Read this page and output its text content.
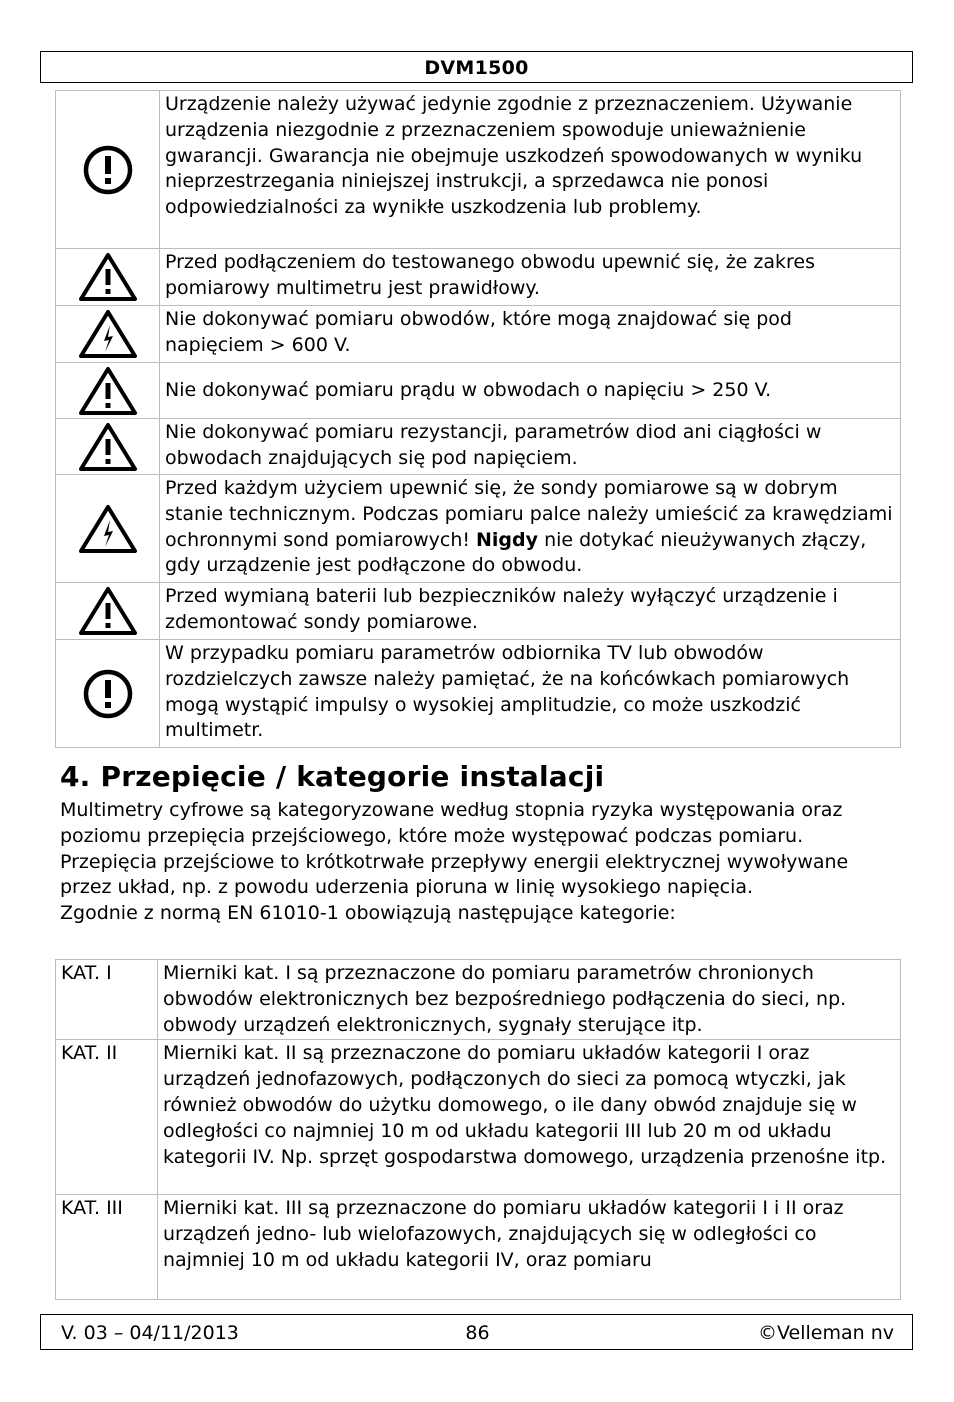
DVM1500
	Urządzenie należy używać jedynie zgodnie z przeznaczeniem. Używanie urządzenia niezgodnie z przeznaczeniem spowoduje unieważnienie gwarancji. Gwarancja nie obejmuje uszkodzeń spowodowanych w wyniku nieprzestrzegania niniejszej instrukcji, a sprzedawca nie ponosi odpowiedzialności za wynikłe uszkodzenia lub problemy.

	Przed podłączeniem do testowanego obwodu upewnić się, że zakres pomiarowy multimetru jest prawidłowy.

	Nie dokonywać pomiaru obwodów, które mogą znajdować się pod napięciem > 600 V.

	Nie dokonywać pomiaru prądu w obwodach o napięciu > 250 V.

	Nie dokonywać pomiaru rezystancji, parametrów diod ani ciągłości w obwodach znajdujących się pod napięciem.

	Przed każdym użyciem upewnić się, że sondy pomiarowe są w dobrym stanie technicznym. Podczas pomiaru palce należy umieścić za krawędziami ochronnymi sond pomiarowych! Nigdy nie dotykać nieużywanych złączy, gdy urządzenie jest podłączone do obwodu.

	Przed wymianą baterii lub bezpieczników należy wyłączyć urządzenie i zdemontować sondy pomiarowe.

	W przypadku pomiaru parametrów odbiornika TV lub obwodów rozdzielczych zawsze należy pamiętać, że na końcówkach pomiarowych mogą wystąpić impulsy o wysokiej amplitudzie, co może uszkodzić multimetr.
4. Przepięcie / kategorie instalacji

Multimetry cyfrowe są kategoryzowane według stopnia ryzyka występowania oraz poziomu przepięcia przejściowego, które może występować podczas pomiaru. Przepięcia przejściowe to krótkotrwałe przepływy energii elektrycznej wywoływane przez układ, np. z powodu uderzenia pioruna w linię wysokiego napięcia.

Zgodnie z normą EN 61010-1 obowiązują następujące kategorie:

KAT. I	Mierniki kat. I są przeznaczone do pomiaru parametrów chronionych obwodów elektronicznych bez bezpośredniego podłączenia do sieci, np. obwody urządzeń elektronicznych, sygnały sterujące itp.
KAT. II	Mierniki kat. II są przeznaczone do pomiaru układów kategorii I oraz urządzeń jednofazowych, podłączonych do sieci za pomocą wtyczki, jak również obwodów do użytku domowego, o ile dany obwód znajduje się w odległości co najmniej 10 m od układu kategorii III lub 20 m od układu kategorii IV. Np. sprzęt gospodarstwa domowego, urządzenia przenośne itp.
KAT. III	Mierniki kat. III są przeznaczone do pomiaru układów kategorii I i II oraz urządzeń jedno- lub wielofazowych, znajdujących się w odległości co najmniej 10 m od układu kategorii IV, oraz pomiaru
V. 03 – 04/11/2013	86	©Velleman nv
